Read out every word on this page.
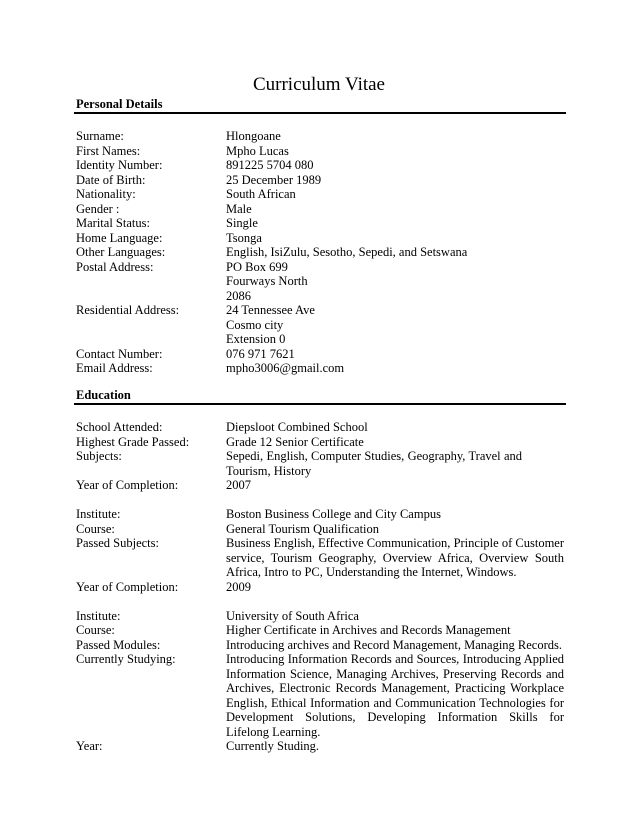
Curriculum Vitae
Personal Details
Surname:	Hlongoane
First Names:	Mpho Lucas
Identity Number:	891225 5704 080
Date of Birth:	25 December 1989
Nationality:	South African
Gender :	Male
Marital Status:	Single
Home Language:	Tsonga
Other Languages:	English, IsiZulu, Sesotho, Sepedi, and Setswana
Postal Address:	PO Box 699
Fourways North
2086
Residential Address:	24 Tennessee Ave
Cosmo city
Extension 0
Contact Number:	076 971 7621
Email Address:	mpho3006@gmail.com
Education
School Attended:	Diepsloot Combined School
Highest Grade Passed:	Grade 12 Senior Certificate
Subjects:	Sepedi, English, Computer Studies, Geography, Travel and Tourism, History
Year of Completion:	2007
Institute:	Boston Business College and City Campus
Course:	General Tourism Qualification
Passed Subjects:	Business English, Effective Communication, Principle of Customer service, Tourism Geography, Overview Africa, Overview South Africa, Intro to PC, Understanding the Internet, Windows.
Year of Completion:	2009
Institute:	University of South Africa
Course:	Higher Certificate in Archives and Records Management
Passed Modules:	Introducing archives and Record Management, Managing Records.
Currently Studying:	Introducing Information Records and Sources, Introducing Applied Information Science, Managing Archives, Preserving Records and Archives, Electronic Records Management, Practicing Workplace English, Ethical Information and Communication Technologies for Development Solutions, Developing Information Skills for Lifelong Learning.
Year:	Currently Studing.
